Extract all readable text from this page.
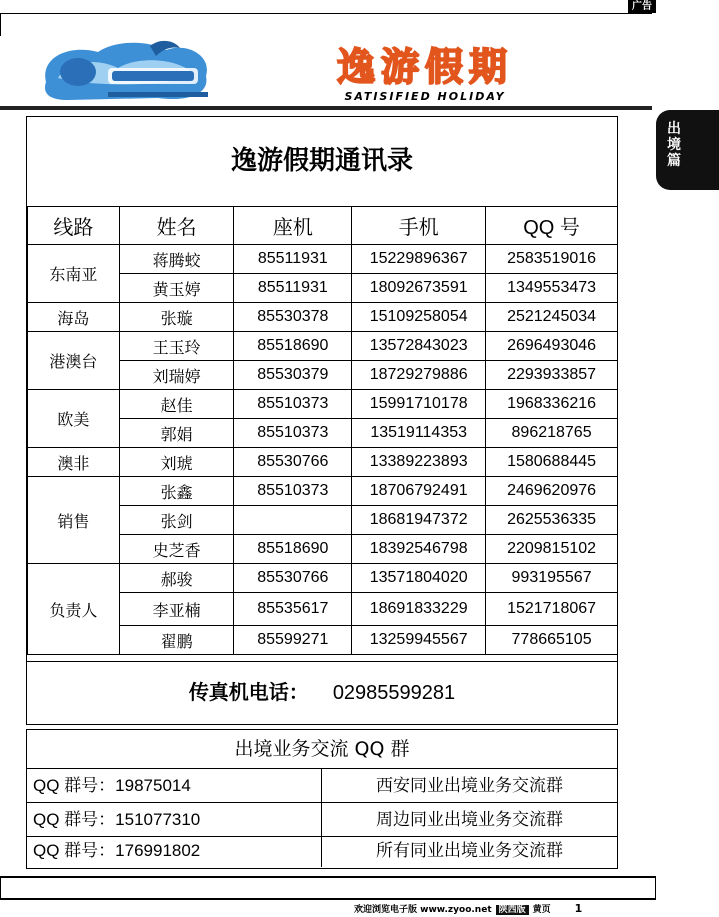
广告
逸游假期
SATISIFIED HOLIDAY
出
境
篇
逸游假期通讯录
线路	姓名	座机	手机	QQ 号
东南亚	蒋腾蛟	85511931	15229896367	2583519016
	黄玉婷	85511931	18092673591	1349553473
海岛	张璇	85530378	15109258054	2521245034
港澳台	王玉玲	85518690	13572843023	2696493046
	刘瑞婷	85530379	18729279886	2293933857
欧美	赵佳	85510373	15991710178	1968336216
	郭娟	85510373	13519114353	896218765
澳非	刘琥	85530766	13389223893	1580688445
销售	张鑫	85510373	18706792491	2469620976
	张剑		18681947372	2625536335
	史芝香	85518690	18392546798	2209815102
负责人	郝骏	85530766	13571804020	993195567
	李亚楠	85535617	18691833229	1521718067
	翟鹏	85599271	13259945567	778665105
传真机电话： 02985599281
出境业务交流 QQ 群
QQ 群号：19875014	西安同业出境业务交流群
QQ 群号：151077310	周边同业出境业务交流群
QQ 群号：176991802	所有同业出境业务交流群
欢迎浏览电子版 www.zyoo.net 陕西版 黄页 1
